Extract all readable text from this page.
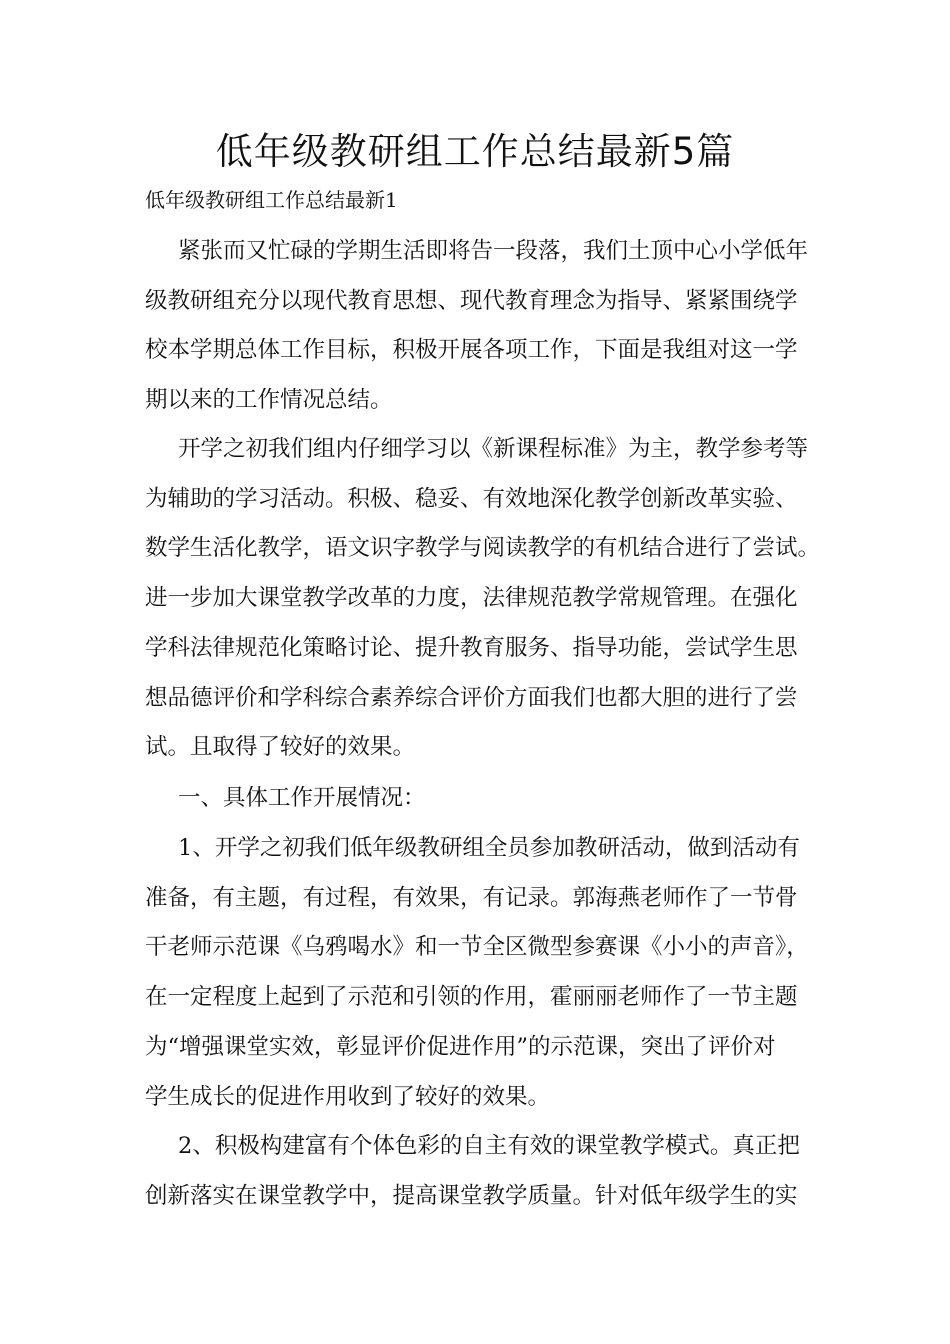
低年级教研组工作总结最新5篇
低年级教研组工作总结最新1
紧张而又忙碌的学期生活即将告一段落，我们土顶中心小学低年
级教研组充分以现代教育思想、现代教育理念为指导、紧紧围绕学
校本学期总体工作目标，积极开展各项工作，下面是我组对这一学
期以来的工作情况总结。
开学之初我们组内仔细学习以《新课程标准》为主，教学参考等
为辅助的学习活动。积极、稳妥、有效地深化教学创新改革实验、
数学生活化教学，语文识字教学与阅读教学的有机结合进行了尝试。
进一步加大课堂教学改革的力度，法律规范教学常规管理。在强化
学科法律规范化策略讨论、提升教育服务、指导功能，尝试学生思
想品德评价和学科综合素养综合评价方面我们也都大胆的进行了尝
试。且取得了较好的效果。
一、具体工作开展情况：
1、开学之初我们低年级教研组全员参加教研活动，做到活动有
准备，有主题，有过程，有效果，有记录。郭海燕老师作了一节骨
干老师示范课《乌鸦喝水》和一节全区微型参赛课《小小的声音》，
在一定程度上起到了示范和引领的作用，霍丽丽老师作了一节主题
为“增强课堂实效，彰显评价促进作用”的示范课，突出了评价对
学生成长的促进作用收到了较好的效果。
2、积极构建富有个体色彩的自主有效的课堂教学模式。真正把
创新落实在课堂教学中，提高课堂教学质量。针对低年级学生的实
